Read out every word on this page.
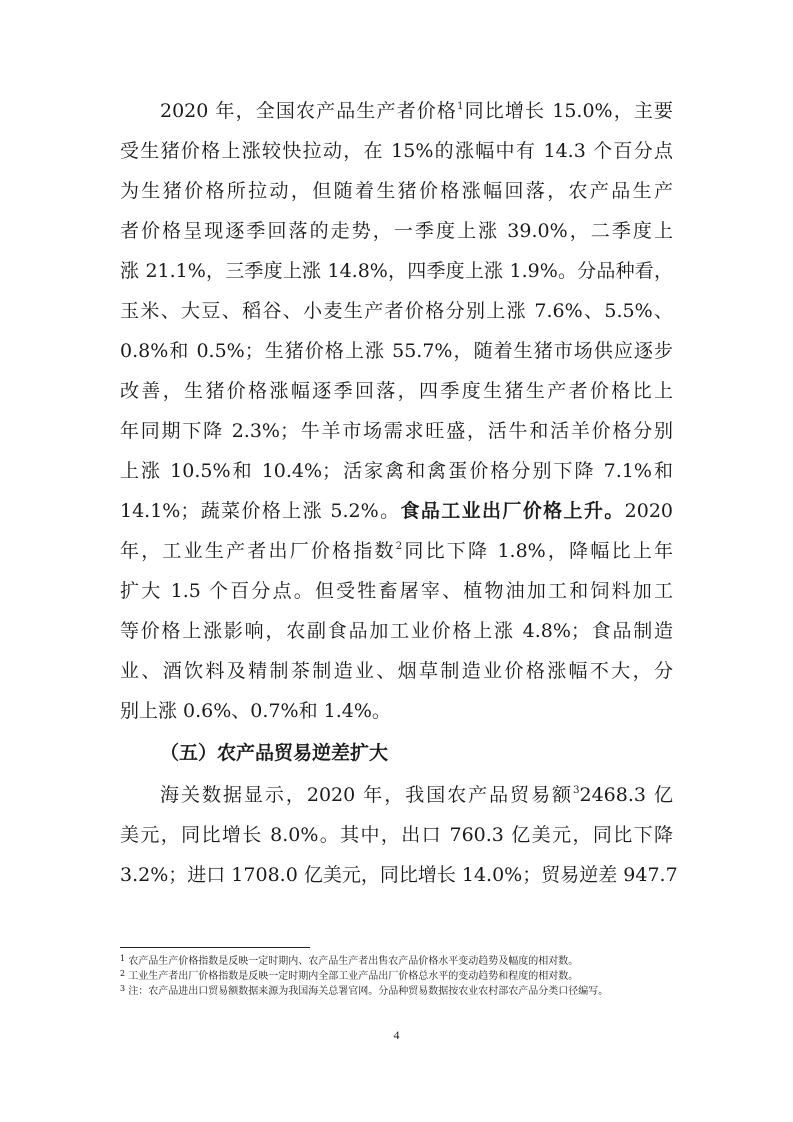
2020 年，全国农产品生产者价格$^1$同比增长 15.0%，主要
受生猪价格上涨较快拉动，在 15%的涨幅中有 14.3 个百分点
为生猪价格所拉动，但随着生猪价格涨幅回落，农产品生产
者价格呈现逐季回落的走势，一季度上涨 39.0%，二季度上
涨 21.1%，三季度上涨 14.8%，四季度上涨 1.9%。分品种看，
玉米、大豆、稻谷、小麦生产者价格分别上涨 7.6%、5.5%、
0.8%和 0.5%；生猪价格上涨 55.7%，随着生猪市场供应逐步
改善，生猪价格涨幅逐季回落，四季度生猪生产者价格比上
年同期下降 2.3%；牛羊市场需求旺盛，活牛和活羊价格分别
上涨 10.5%和 10.4%；活家禽和禽蛋价格分别下降 7.1%和
14.1%；蔬菜价格上涨 5.2%。食品工业出厂价格上升。2020
年，工业生产者出厂价格指数$^2$同比下降 1.8%，降幅比上年
扩大 1.5 个百分点。但受牲畜屠宰、植物油加工和饲料加工
等价格上涨影响，农副食品加工业价格上涨 4.8%；食品制造
业、酒饮料及精制茶制造业、烟草制造业价格涨幅不大，分
别上涨 0.6%、0.7%和 1.4%。
（五）农产品贸易逆差扩大
海关数据显示，2020 年，我国农产品贸易额$^3$2468.3 亿
美元，同比增长 8.0%。其中，出口 760.3 亿美元，同比下降
3.2%；进口 1708.0 亿美元，同比增长 14.0%；贸易逆差 947.7
$^1$ 农产品生产价格指数是反映一定时期内、农产品生产者出售农产品价格水平变动趋势及幅度的相对数。
$^2$ 工业生产者出厂价格指数是反映一定时期内全部工业产品出厂价格总水平的变动趋势和程度的相对数。
$^3$ 注：农产品进出口贸易额数据来源为我国海关总署官网。分品种贸易数据按农业农村部农产品分类口径编写。
4
